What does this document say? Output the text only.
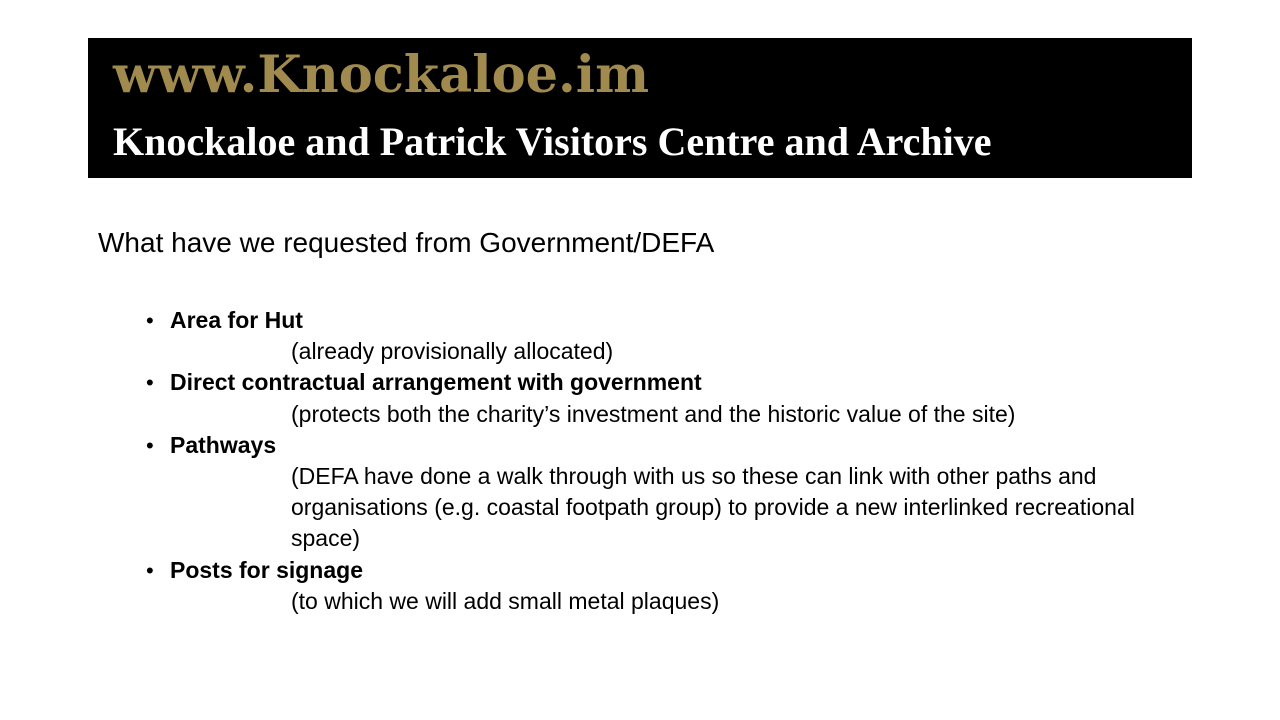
www.Knockaloe.im
Knockaloe and Patrick Visitors Centre and Archive
What have we requested from Government/DEFA
• Area for Hut
(already provisionally allocated)
• Direct contractual arrangement with government
(protects both the charity’s investment and the historic value of the site)
• Pathways
(DEFA have done a walk through with us so these can link with other paths and organisations (e.g. coastal footpath group) to provide a new interlinked recreational space)
• Posts for signage
(to which we will add small metal plaques)
